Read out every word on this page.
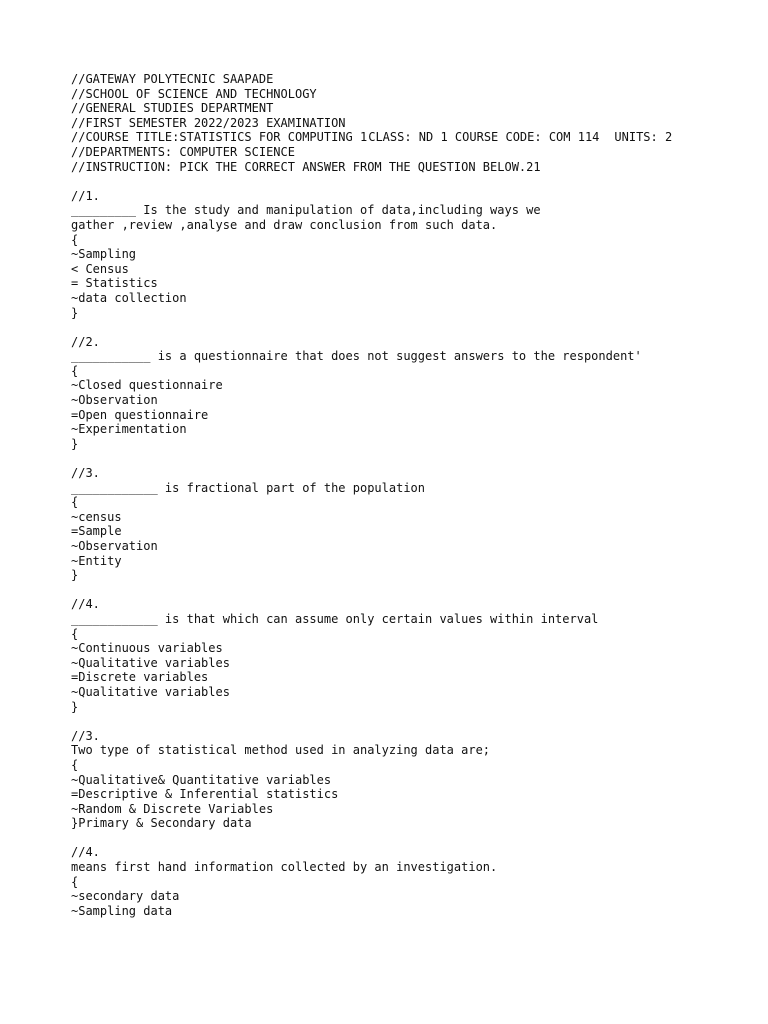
//GATEWAY POLYTECNIC SAAPADE
//SCHOOL OF SCIENCE AND TECHNOLOGY
//GENERAL STUDIES DEPARTMENT
//FIRST SEMESTER 2022/2023 EXAMINATION
//COURSE TITLE:STATISTICS FOR COMPUTING 1CLASS: ND 1 COURSE CODE: COM 114 UNITS: 2
//DEPARTMENTS: COMPUTER SCIENCE
//INSTRUCTION: PICK THE CORRECT ANSWER FROM THE QUESTION BELOW.21
//1.
_________ Is the study and manipulation of data,including ways we
gather ,review ,analyse and draw conclusion from such data.
{
~Sampling
< Census
= Statistics
~data collection
}
//2.
___________ is a questionnaire that does not suggest answers to the respondent'
{
~Closed questionnaire
~Observation
=Open questionnaire
~Experimentation
}
//3.
____________ is fractional part of the population
{
~census
=Sample
~Observation
~Entity
}
//4.
____________ is that which can assume only certain values within interval
{
~Continuous variables
~Qualitative variables
=Discrete variables
~Qualitative variables
}
//3.
Two type of statistical method used in analyzing data are;
{
~Qualitative& Quantitative variables
=Descriptive & Inferential statistics
~Random & Discrete Variables
}Primary & Secondary data
//4.
means first hand information collected by an investigation.
{
~secondary data
~Sampling data
